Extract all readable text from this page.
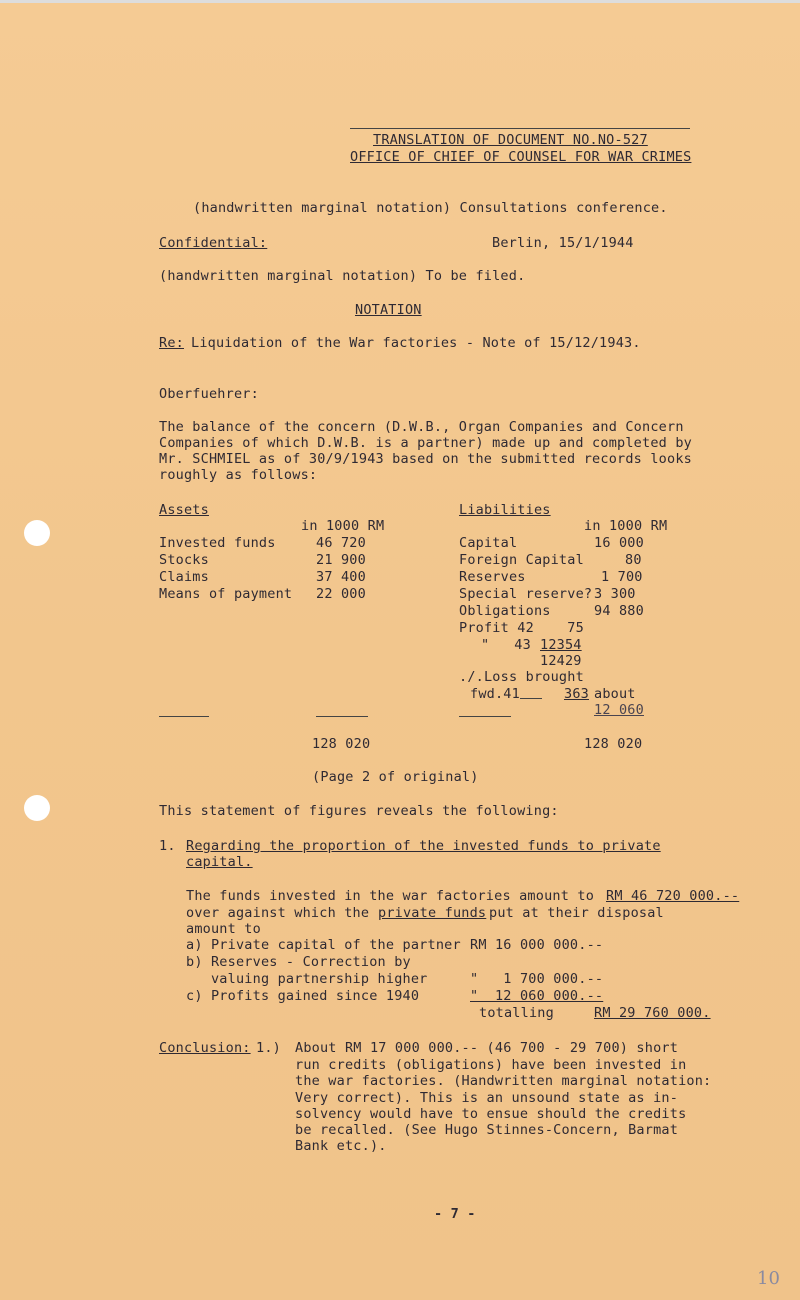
TRANSLATION OF DOCUMENT NO.NO-527
OFFICE OF CHIEF OF COUNSEL FOR WAR CRIMES
(handwritten marginal notation) Consultations conference.
Confidential:	Berlin, 15/1/1944
(handwritten marginal notation) To be filed.
NOTATION
Re: Liquidation of the War factories - Note of 15/12/1943.
Oberfuehrer:
The balance of the concern (D.W.B., Organ Companies and Concern
Companies of which D.W.B. is a partner) made up and completed by
Mr. SCHMIEL as of 30/9/1943 based on the submitted records looks
roughly as follows:
Assets
in 1000 RM
Invested funds	46 720
Stocks	21 900
Claims	37 400
Means of payment 22 000
Liabilities
in 1000 RM
Capital	16 000
Foreign Capital	80
Reserves	1 700
Special reserve? 3 300
Obligations	94 880
Profit 42    75
"   43 12354
12429
./.Loss brought
fwd.41	363 about
12 060
128 020	128 020
(Page 2 of original)
This statement of figures reveals the following:
1. Regarding the proportion of the invested funds to private
capital.
The funds invested in the war factories amount to RM 46 720 000.--
over against which the private funds put at their disposal
amount to
a) Private capital of the partner RM 16 000 000.--
b) Reserves - Correction by
valuing partnership higher	"   1 700 000.--
c) Profits gained since 1940	"  12 060 000.--
totalling	RM 29 760 000.
Conclusion: 1.) About RM 17 000 000.-- (46 700 - 29 700) short
run credits (obligations) have been invested in
the war factories. (Handwritten marginal notation:
Very correct). This is an unsound state as in-
solvency would have to ensue should the credits
be recalled. (See Hugo Stinnes-Concern, Barmat
Bank etc.).
- 7 -
10
